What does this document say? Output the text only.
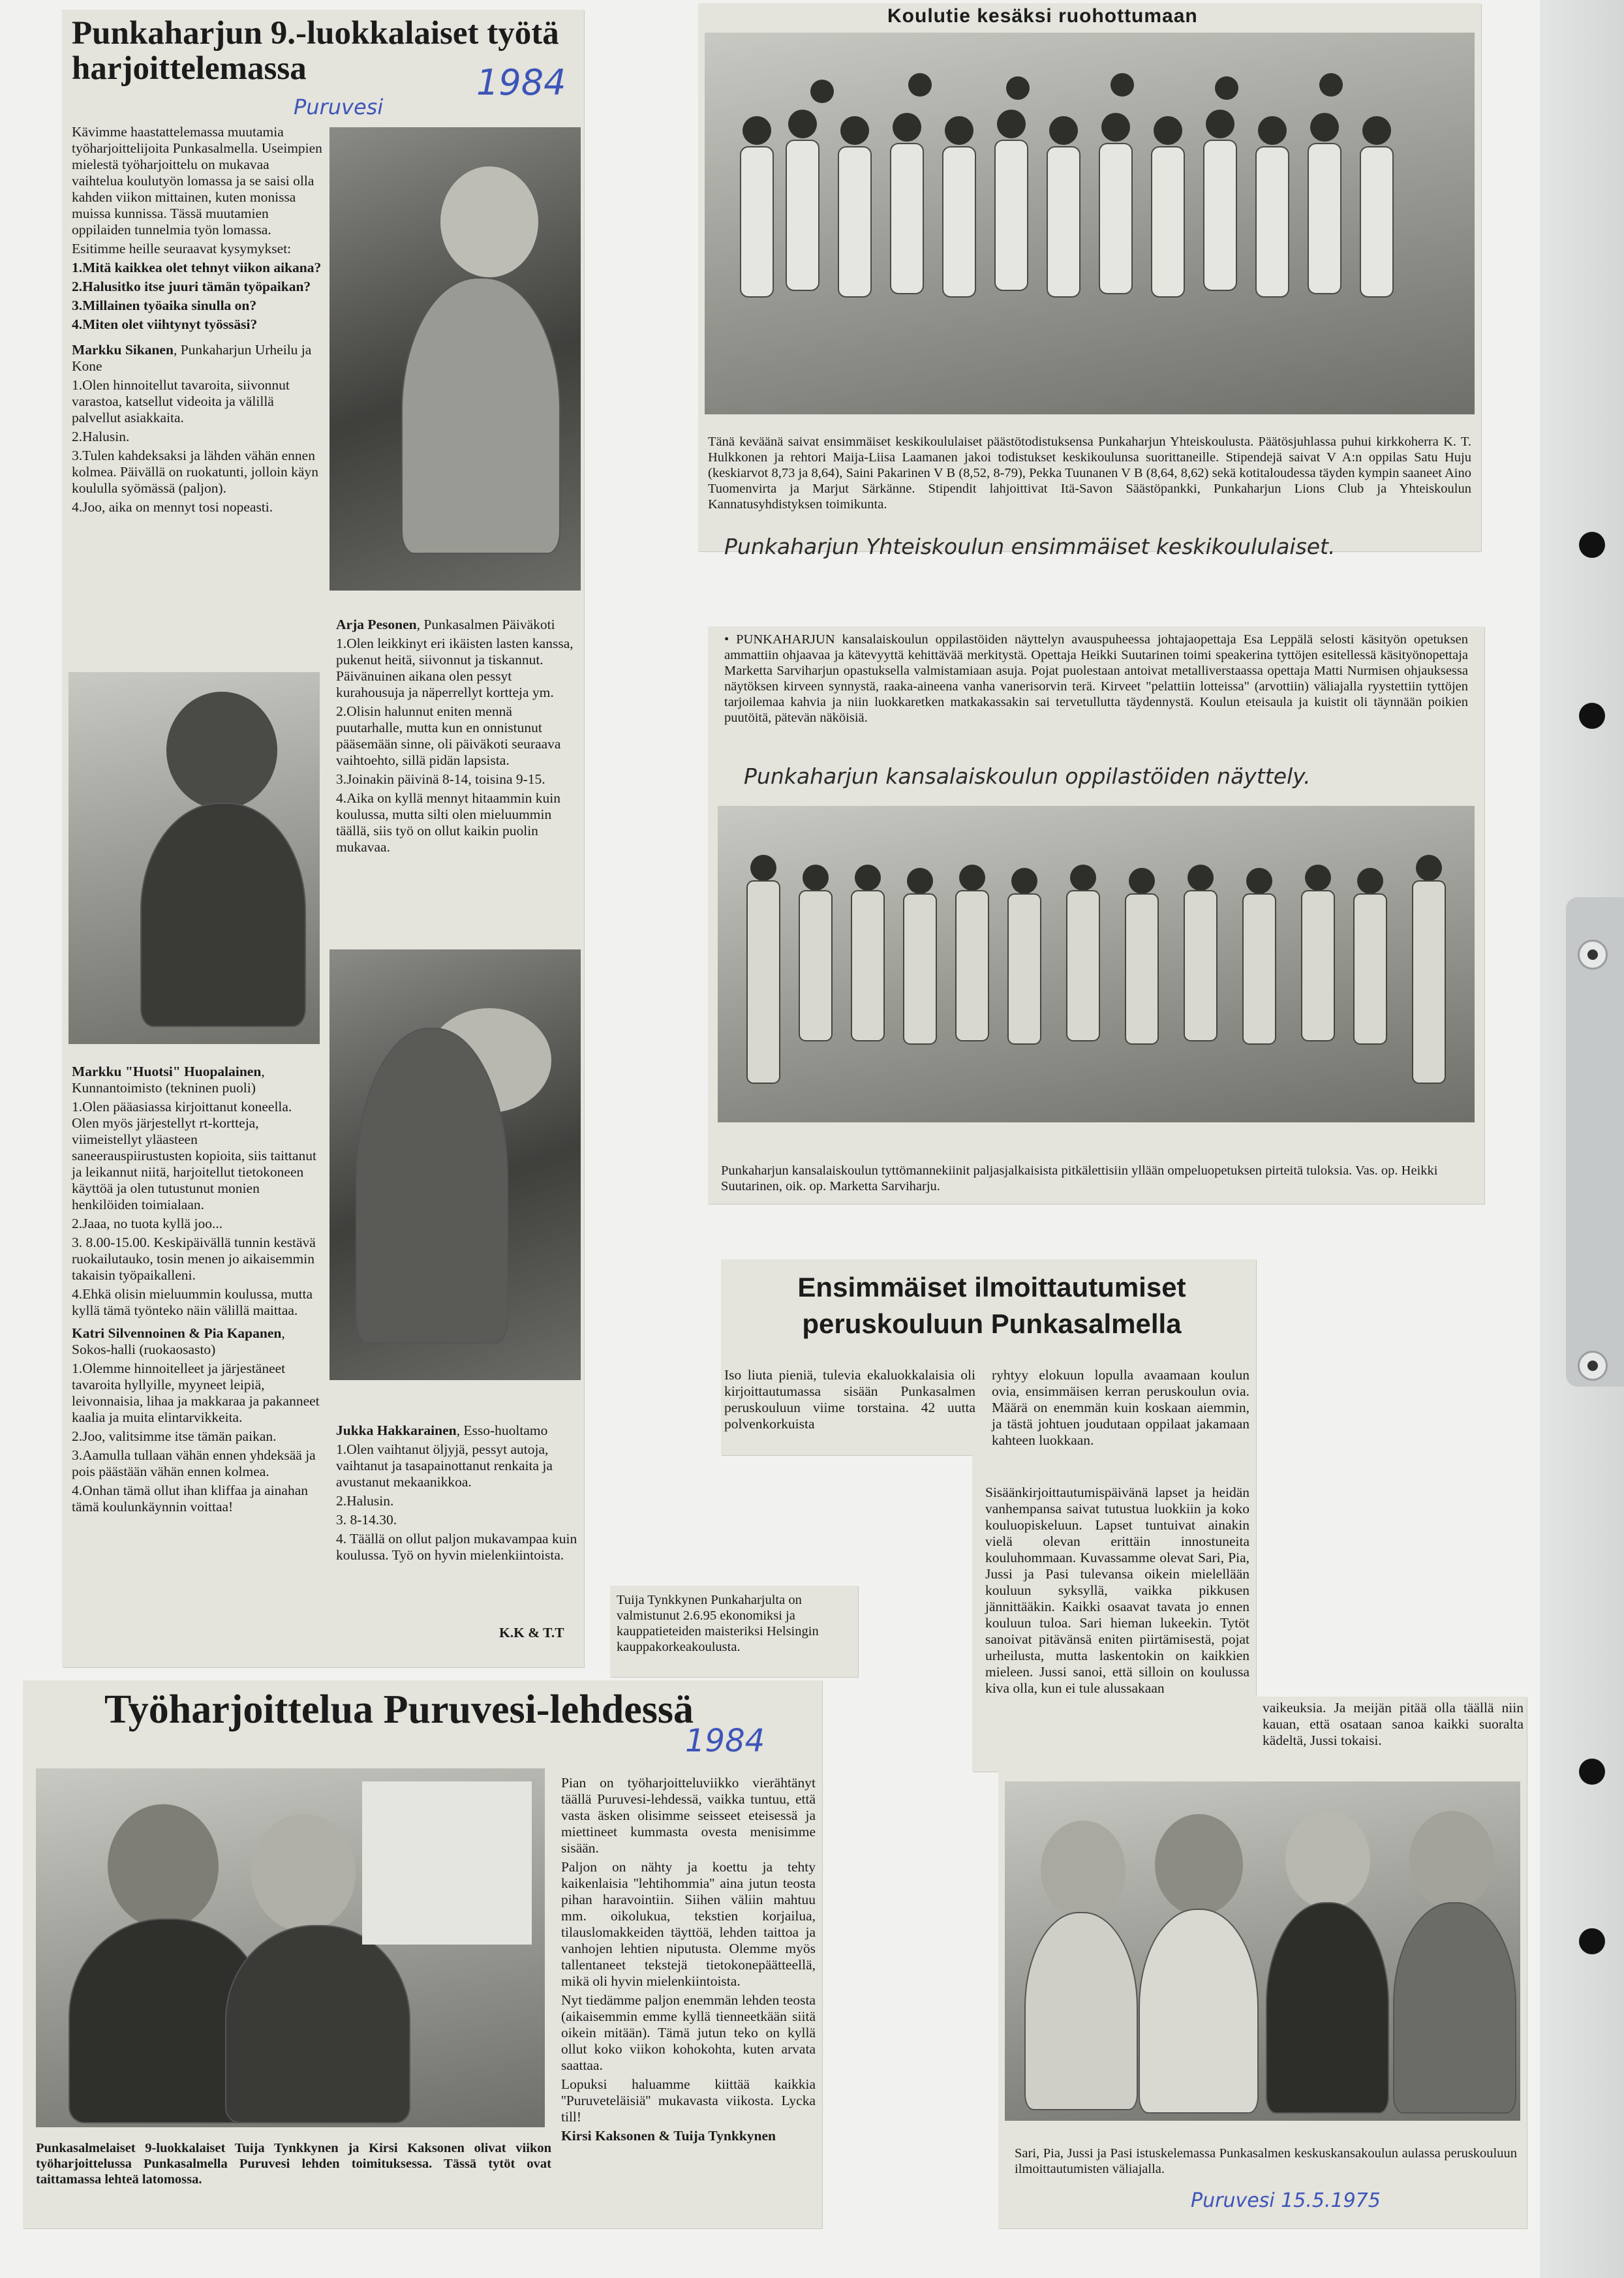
Punkaharjun 9.-luokkalaiset työtä harjoittelemassa	1984
Puruvesi

Kävimme haastattelemassa muutamia työharjoittelijoita Punkasalmella. Useimpien mielestä työharjoittelu on mukavaa vaihtelua koulutyön lomassa ja se saisi olla kahden viikon mittainen, kuten monissa muissa kunnissa. Tässä muutamien oppilaiden tunnelmia työn lomassa.

Esitimme heille seuraavat kysymykset:

1.Mitä kaikkea olet tehnyt viikon aikana?

2.Halusitko itse juuri tämän työpaikan?

3.Millainen työaika sinulla on?

4.Miten olet viihtynyt työssäsi?

Markku Sikanen, Punkaharjun Urheilu ja Kone

1.Olen hinnoitellut tavaroita, siivonnut varastoa, katsellut videoita ja välillä palvellut asiakkaita.

2.Halusin.

3.Tulen kahdeksaksi ja lähden vähän ennen kolmea. Päivällä on ruokatunti, jolloin käyn koululla syömässä (paljon).

4.Joo, aika on mennyt tosi nopeasti.

Arja Pesonen, Punkasalmen Päiväkoti

1.Olen leikkinyt eri ikäisten lasten kanssa, pukenut heitä, siivonnut ja tiskannut. Päivänuinen aikana olen pessyt kurahousuja ja näperrellyt kortteja ym.

2.Olisin halunnut eniten mennä puutarhalle, mutta kun en onnistunut pääsemään sinne, oli päiväkoti seuraava vaihtoehto, sillä pidän lapsista.

3.Joinakin päivinä 8-14, toisina 9-15.

4.Aika on kyllä mennyt hitaammin kuin koulussa, mutta silti olen mieluummin täällä, siis työ on ollut kaikin puolin mukavaa.

Markku "Huotsi" Huopalainen, Kunnantoimisto (tekninen puoli)

1.Olen pääasiassa kirjoittanut koneella. Olen myös järjestellyt rt-kortteja, viimeistellyt yläasteen saneerauspiirustusten kopioita, siis taittanut ja leikannut niitä, harjoitellut tietokoneen käyttöä ja olen tutustunut monien henkilöiden toimialaan.

2.Jaaa, no tuota kyllä joo...

3. 8.00-15.00. Keskipäivällä tunnin kestävä ruokailutauko, tosin menen jo aikaisemmin takaisin työpaikalleni.

4.Ehkä olisin mieluummin koulussa, mutta kyllä tämä työnteko näin välillä maittaa.

Katri Silvennoinen & Pia Kapanen, Sokos-halli (ruokaosasto)

1.Olemme hinnoitelleet ja järjestäneet tavaroita hyllyille, myyneet leipiä, leivonnaisia, lihaa ja makkaraa ja pakanneet kaalia ja muita elintarvikkeita.

2.Joo, valitsimme itse tämän paikan.

3.Aamulla tullaan vähän ennen yhdeksää ja pois päästään vähän ennen kolmea.

4.Onhan tämä ollut ihan kliffaa ja ainahan tämä koulunkäynnin voittaa!

Jukka Hakkarainen, Esso-huoltamo

1.Olen vaihtanut öljyjä, pessyt autoja, vaihtanut ja tasapainottanut renkaita ja avustanut mekaanikkoa.

2.Halusin.

3. 8-14.30.

4. Täällä on ollut paljon mukavampaa kuin koulussa. Työ on hyvin mielenkiintoista.

K.K & T.T
Koulutie kesäksi ruohottumaan

Tänä keväänä saivat ensimmäiset keskikoululaiset päästötodistuksensa Punkaharjun Yhteiskoulusta. Päätösjuhlassa puhui kirkkoherra K. T. Hulkkonen ja rehtori Maija-Liisa Laamanen jakoi todistukset keskikoulunsa suorittaneille. Stipendejä saivat V A:n oppilas Satu Huju (keskiarvot 8,73 ja 8,64), Saini Pakarinen V B (8,52, 8-79), Pekka Tuunanen V B (8,64, 8,62) sekä kotitaloudessa täyden kympin saaneet Aino Tuomenvirta ja Marjut Särkänne. Stipendit lahjoittivat Itä-Savon Säästöpankki, Punkaharjun Lions Club ja Yhteiskoulun Kannatusyhdistyksen toimikunta.

Punkaharjun Yhteiskoulun ensimmäiset keskikoululaiset.

• PUNKAHARJUN kansalaiskoulun oppilastöiden näyttelyn avauspuheessa johtajaopettaja Esa Leppälä selosti käsityön opetuksen ammattiin ohjaavaa ja kätevyyttä kehittävää merkitystä. Opettaja Heikki Suutarinen toimi speakerina tyttöjen esitellessä käsityönopettaja Marketta Sarviharjun opastuksella valmistamiaan asuja. Pojat puolestaan antoivat metalliverstaassa opettaja Matti Nurmisen ohjauksessa näytöksen kirveen synnystä, raaka-aineena vanha vanerisorvin terä. Kirveet "pelattiin lotteissa" (arvottiin) väliajalla ryystettiin tyttöjen tarjoilemaa kahvia ja niin luokkaretken matkakassakin sai tervetullutta täydennystä. Koulun eteisaula ja kuistit oli täynnään poikien puutöitä, pätevän näköisiä.

Punkaharjun kansalaiskoulun oppilastöiden näyttely.

Punkaharjun kansalaiskoulun tyttömannekiinit paljasjalkaisista pitkälettisiin yllään ompeluopetuksen pirteitä tuloksia. Vas. op. Heikki Suutarinen, oik. op. Marketta Sarviharju.

Ensimmäiset ilmoittautumiset peruskouluun Punkasalmella

Iso liuta pieniä, tulevia ekaluokkalaisia oli kirjoittautumassa sisään Punkasalmen peruskouluun viime torstaina. 42 uutta polvenkorkuista

ryhtyy elokuun lopulla avaamaan koulun ovia, ensimmäisen kerran peruskoulun ovia. Määrä on enemmän kuin koskaan aiemmin, ja tästä johtuen joudutaan oppilaat jakamaan kahteen luokkaan.

Sisäänkirjoittautumispäivänä lapset ja heidän vanhempansa saivat tutustua luokkiin ja koko kouluopiskeluun. Lapset tuntuivat ainakin vielä olevan erittäin innostuneita kouluhommaan. Kuvassamme olevat Sari, Pia, Jussi ja Pasi tulevansa oikein mielellään kouluun syksyllä, vaikka pikkusen jännittääkin. Kaikki osaavat tavata jo ennen kouluun tuloa. Sari hieman lukeekin. Tytöt sanoivat pitävänsä eniten piirtämisestä, pojat urheilusta, mutta laskentokin on kaikkien mieleen. Jussi sanoi, että silloin on koulussa kiva olla, kun ei tule alussakaan

vaikeuksia. Ja meijän pitää olla täällä niin kauan, että osataan sanoa kaikki suoralta kädeltä, Jussi tokaisi.

Sari, Pia, Jussi ja Pasi istuskelemassa Punkasalmen keskuskansakoulun aulassa peruskouluun ilmoittautumisten väliajalla.

Puruvesi 15.5.1975

Tuija Tynkkynen Punkaharjulta on valmistunut 2.6.95 ekonomiksi ja kauppatieteiden maisteriksi Helsingin kauppakorkeakoulusta.

Työharjoittelua Puruvesi-lehdessä
1984

Punkasalmelaiset 9-luokkalaiset Tuija Tynkkynen ja Kirsi Kaksonen olivat viikon työharjoittelussa Punkasalmella Puruvesi lehden toimituksessa. Tässä tytöt ovat taittamassa lehteä latomossa.

Pian on työharjoitteluviikko vierähtänyt täällä Puruvesi-lehdessä, vaikka tuntuu, että vasta äsken olisimme seisseet eteisessä ja miettineet kummasta ovesta menisimme sisään.

Paljon on nähty ja koettu ja tehty kaikenlaisia ''lehtihommia'' aina jutun teosta pihan haravointiin. Siihen väliin mahtuu mm. oikolukua, tekstien korjailua, tilauslomakkeiden täyttöä, lehden taittoa ja vanhojen lehtien niputusta. Olemme myös tallentaneet tekstejä tietokonepäätteellä, mikä oli hyvin mielenkiintoista.

Nyt tiedämme paljon enemmän lehden teosta (aikaisemmin emme kyllä tienneetkään siitä oikein mitään). Tämä jutun teko on kyllä ollut koko viikon kohokohta, kuten arvata saattaa.

Lopuksi haluamme kiittää kaikkia ''Puruveteläisiä'' mukavasta viikosta. Lycka till!

Kirsi Kaksonen & Tuija Tynkkynen
